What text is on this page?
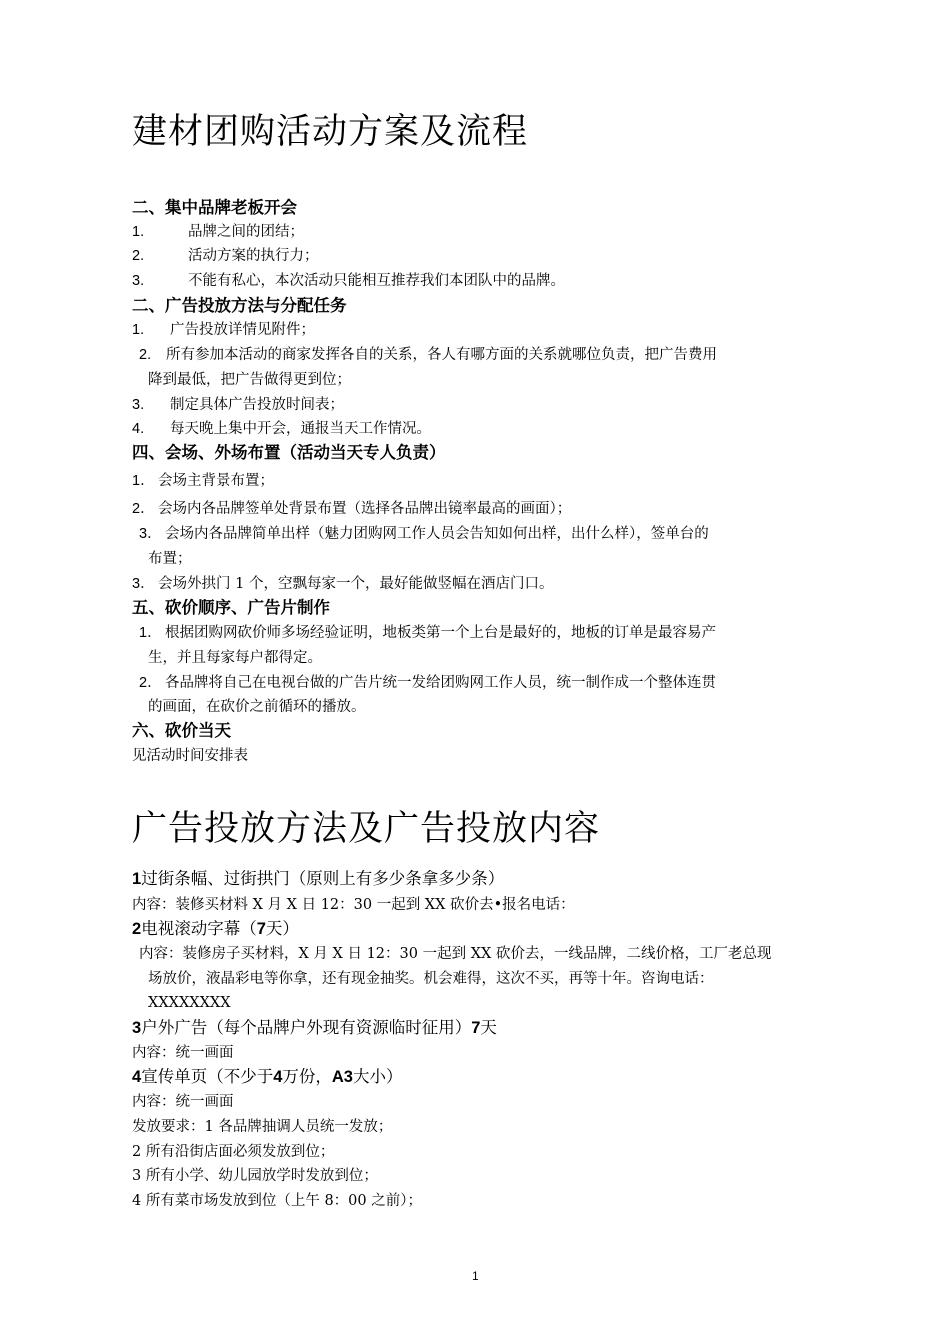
建材团购活动方案及流程
二、集中品牌老板开会
1.	品牌之间的团结；
2.	活动方案的执行力；
3.	不能有私心，本次活动只能相互推荐我们本团队中的品牌。
二、广告投放方法与分配任务
1. 广告投放详情见附件；
2. 所有参加本活动的商家发挥各自的关系，各人有哪方面的关系就哪位负责，把广告费用
降到最低，把广告做得更到位；
3. 制定具体广告投放时间表；
4. 每天晚上集中开会，通报当天工作情况。
四、会场、外场布置（活动当天专人负责）
1． 会场主背景布置；
2． 会场内各品牌签单处背景布置（选择各品牌出镜率最高的画面）；
3． 会场内各品牌简单出样（魅力团购网工作人员会告知如何出样，出什么样），签单台的
布置；
3． 会场外拱门 1 个，空飘每家一个，最好能做竖幅在酒店门口。
五、砍价顺序、广告片制作
1． 根据团购网砍价师多场经验证明，地板类第一个上台是最好的，地板的订单是最容易产
生，并且每家每户都得定。
2． 各品牌将自己在电视台做的广告片统一发给团购网工作人员，统一制作成一个整体连贯
的画面，在砍价之前循环的播放。
六、砍价当天
见活动时间安排表
广告投放方法及广告投放内容
1过街条幅、过街拱门（原则上有多少条拿多少条）
内容：装修买材料 X 月 X 日 12：30 一起到 XX 砍价去•报名电话：
2电视滚动字幕（7天）
内容：装修房子买材料，X 月 X 日 12：30 一起到 XX 砍价去，一线品牌，二线价格，工厂老总现
场放价，液晶彩电等你拿，还有现金抽奖。机会难得，这次不买，再等十年。咨询电话：
XXXXXXXX
3户外广告（每个品牌户外现有资源临时征用）7天
内容：统一画面
4宣传单页（不少于4万份，A3大小）
内容：统一画面
发放要求：1 各品牌抽调人员统一发放；
2 所有沿街店面必须发放到位；
3 所有小学、幼儿园放学时发放到位；
4 所有菜市场发放到位（上午 8：00 之前）；
1
